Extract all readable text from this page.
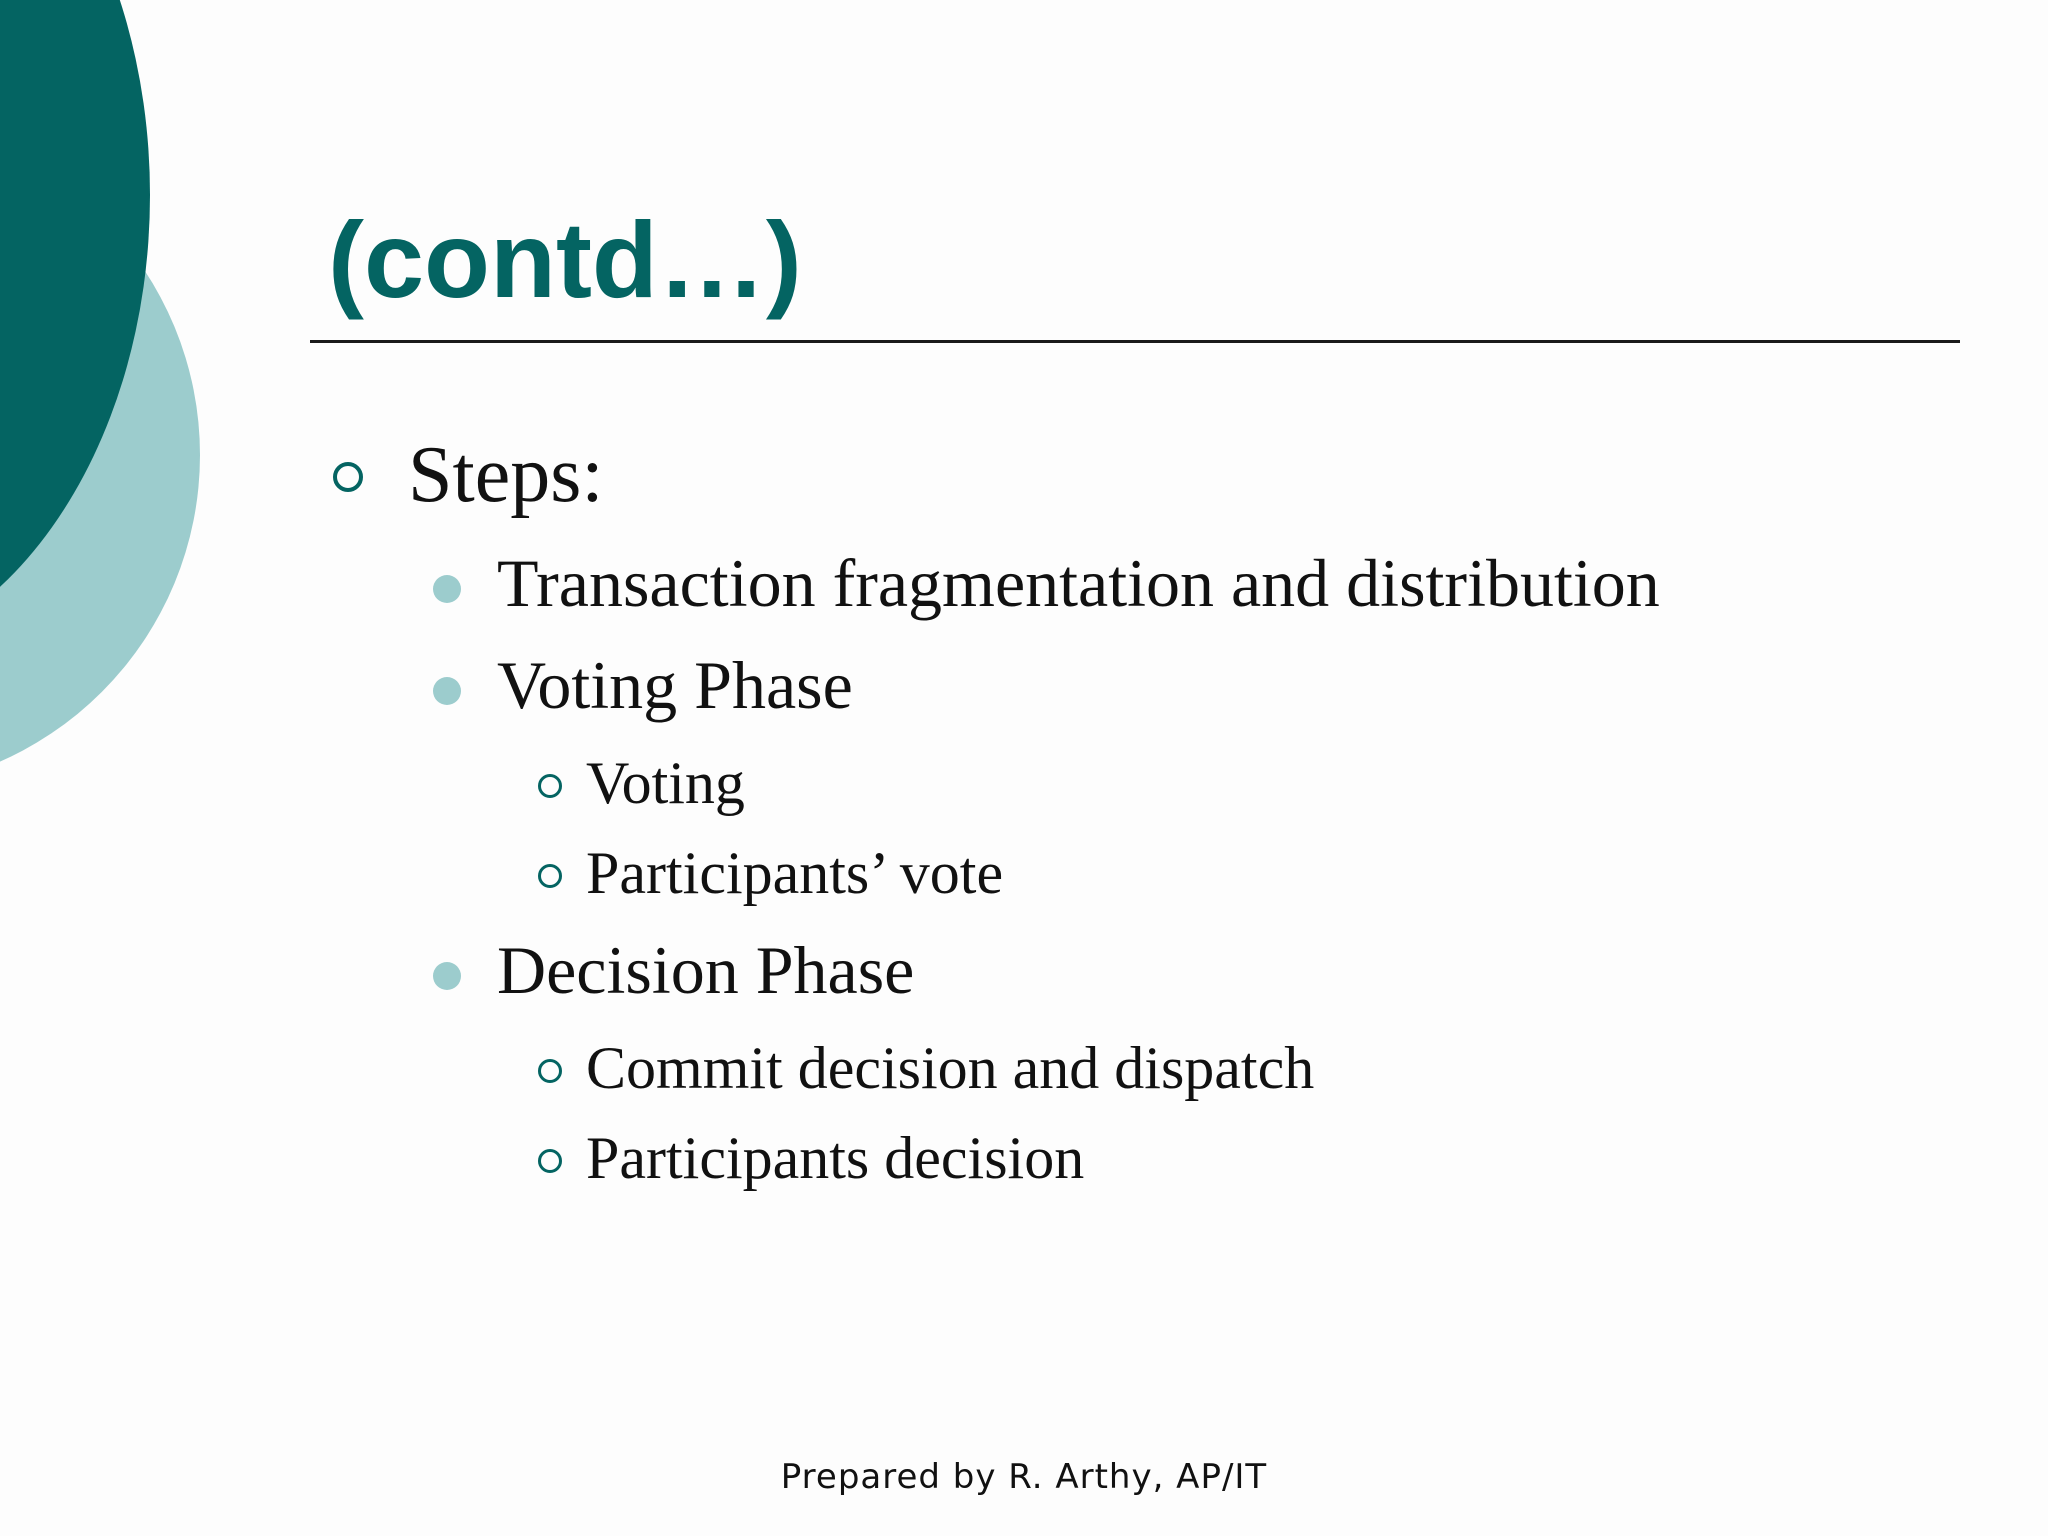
(contd…)
Steps:
Transaction fragmentation and distribution
Voting Phase
Voting
Participants’ vote
Decision Phase
Commit decision and dispatch
Participants decision
Prepared by R. Arthy, AP/IT
